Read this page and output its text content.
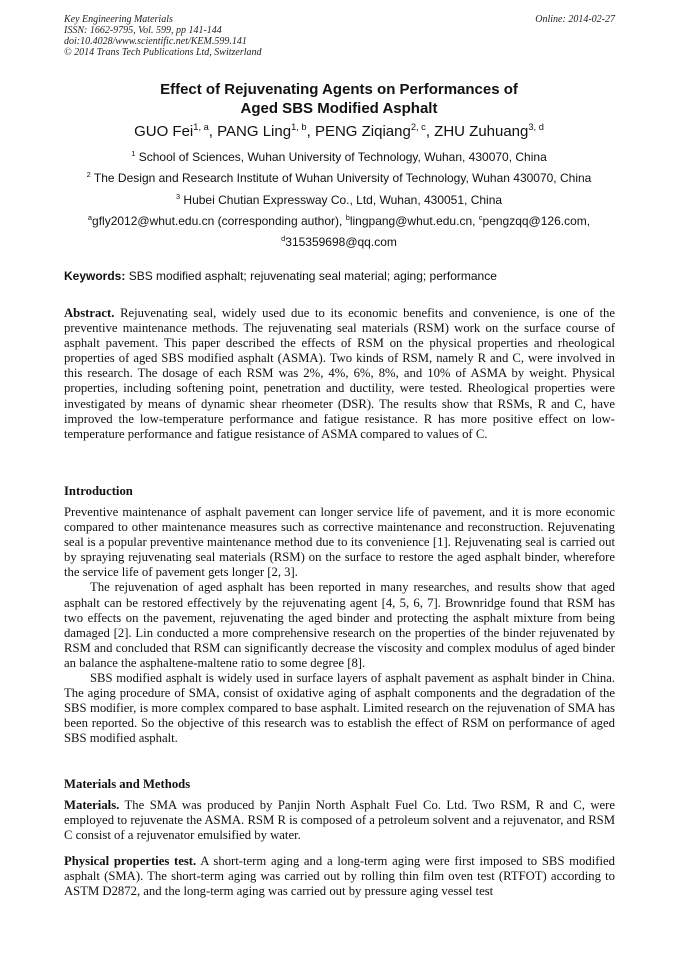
Key Engineering Materials
ISSN: 1662-9795, Vol. 599, pp 141-144
doi:10.4028/www.scientific.net/KEM.599.141
© 2014 Trans Tech Publications Ltd, Switzerland
Online: 2014-02-27
Effect of Rejuvenating Agents on Performances of
Aged SBS Modified Asphalt
GUO Fei$^{1, a}$, PANG Ling$^{1, b}$, PENG Ziqiang$^{2, c}$, ZHU Zuhuang$^{3, d}$
$^1$ School of Sciences, Wuhan University of Technology, Wuhan, 430070, China
$^2$ The Design and Research Institute of Wuhan University of Technology, Wuhan 430070, China
$^3$ Hubei Chutian Expressway Co., Ltd, Wuhan, 430051, China
$^a$gfly2012@whut.edu.cn (corresponding author), $^b$lingpang@whut.edu.cn, $^c$pengzqq@126.com,
$^d$315359698@qq.com
Keywords: SBS modified asphalt; rejuvenating seal material; aging; performance
Abstract. Rejuvenating seal, widely used due to its economic benefits and convenience, is one of the preventive maintenance methods. The rejuvenating seal materials (RSM) work on the surface course of asphalt pavement. This paper described the effects of RSM on the physical properties and rheological properties of aged SBS modified asphalt (ASMA). Two kinds of RSM, namely R and C, were involved in this research. The dosage of each RSM was 2%, 4%, 6%, 8%, and 10% of ASMA by weight. Physical properties, including softening point, penetration and ductility, were tested. Rheological properties were investigated by means of dynamic shear rheometer (DSR). The results show that RSMs, R and C, have improved the low-temperature performance and fatigue resistance. R has more positive effect on low-temperature performance and fatigue resistance of ASMA compared to values of C.
Introduction
Preventive maintenance of asphalt pavement can longer service life of pavement, and it is more economic compared to other maintenance measures such as corrective maintenance and reconstruction. Rejuvenating seal is a popular preventive maintenance method due to its convenience [1]. Rejuvenating seal is carried out by spraying rejuvenating seal materials (RSM) on the surface to restore the aged asphalt binder, wherefore the service life of pavement gets longer [2, 3].
The rejuvenation of aged asphalt has been reported in many researches, and results show that aged asphalt can be restored effectively by the rejuvenating agent [4, 5, 6, 7]. Brownridge found that RSM has two effects on the pavement, rejuvenating the aged binder and protecting the asphalt mixture from being damaged [2]. Lin conducted a more comprehensive research on the properties of the binder rejuvenated by RSM and concluded that RSM can significantly decrease the viscosity and complex modulus of aged binder an balance the asphaltene-maltene ratio to some degree [8].
SBS modified asphalt is widely used in surface layers of asphalt pavement as asphalt binder in China. The aging procedure of SMA, consist of oxidative aging of asphalt components and the degradation of the SBS modifier, is more complex compared to base asphalt. Limited research on the rejuvenation of SMA has been reported. So the objective of this research was to establish the effect of RSM on performance of aged SBS modified asphalt.
Materials and Methods
Materials. The SMA was produced by Panjin North Asphalt Fuel Co. Ltd. Two RSM, R and C, were employed to rejuvenate the ASMA. RSM R is composed of a petroleum solvent and a rejuvenator, and RSM C consist of a rejuvenator emulsified by water.
Physical properties test. A short-term aging and a long-term aging were first imposed to SBS modified asphalt (SMA). The short-term aging was carried out by rolling thin film oven test (RTFOT) according to ASTM D2872, and the long-term aging was carried out by pressure aging vessel test
